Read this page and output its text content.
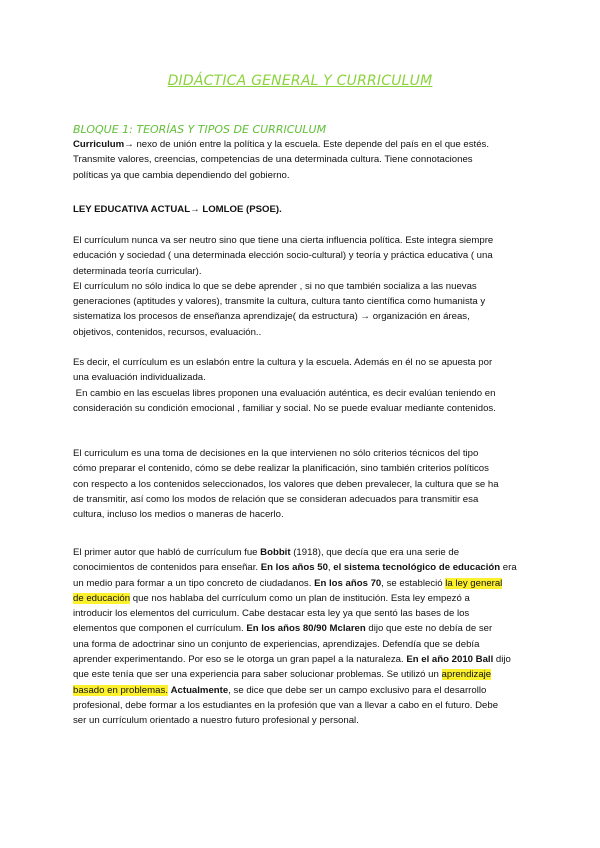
DIDÁCTICA GENERAL Y CURRICULUM
BLOQUE 1: TEORÍAS Y TIPOS DE CURRICULUM
Curriculum→ nexo de unión entre la política y la escuela. Este depende del país en el que estés.
Transmite valores, creencias, competencias de una determinada cultura. Tiene connotaciones
políticas ya que cambia dependiendo del gobierno.
LEY EDUCATIVA ACTUAL→ LOMLOE (PSOE).
El currículum nunca va ser neutro sino que tiene una cierta influencia política. Este integra siempre
educación y sociedad ( una determinada elección socio-cultural) y teoría y práctica educativa ( una
determinada teoría curricular).
El currículum no sólo indica lo que se debe aprender , si no que también socializa a las nuevas
generaciones (aptitudes y valores), transmite la cultura, cultura tanto científica como humanista y
sistematiza los procesos de enseñanza aprendizaje( da estructura) → organización en áreas,
objetivos, contenidos, recursos, evaluación..
Es decir, el currículum es un eslabón entre la cultura y la escuela. Además en él no se apuesta por
una evaluación individualizada.
En cambio en las escuelas libres proponen una evaluación auténtica, es decir evalúan teniendo en
consideración su condición emocional , familiar y social. No se puede evaluar mediante contenidos.
El curriculum es una toma de decisiones en la que intervienen no sólo criterios técnicos del tipo
cómo preparar el contenido, cómo se debe realizar la planificación, sino también criterios políticos
con respecto a los contenidos seleccionados, los valores que deben prevalecer, la cultura que se ha
de transmitir, así como los modos de relación que se consideran adecuados para transmitir esa
cultura, incluso los medios o maneras de hacerlo.
El primer autor que habló de currículum fue Bobbit (1918), que decía que era una serie de
conocimientos de contenidos para enseñar. En los años 50, el sistema tecnológico de educación era
un medio para formar a un tipo concreto de ciudadanos. En los años 70, se estableció la ley general
de educación que nos hablaba del currículum como un plan de institución. Esta ley empezó a
introducir los elementos del curriculum. Cabe destacar esta ley ya que sentó las bases de los
elementos que componen el currículum. En los años 80/90 Mclaren dijo que este no debía de ser
una forma de adoctrinar sino un conjunto de experiencias, aprendizajes. Defendía que se debía
aprender experimentando. Por eso se le otorga un gran papel a la naturaleza. En el año 2010 Ball dijo
que este tenía que ser una experiencia para saber solucionar problemas. Se utilizó un aprendizaje
basado en problemas. Actualmente, se dice que debe ser un campo exclusivo para el desarrollo
profesional, debe formar a los estudiantes en la profesión que van a llevar a cabo en el futuro. Debe
ser un currículum orientado a nuestro futuro profesional y personal.
